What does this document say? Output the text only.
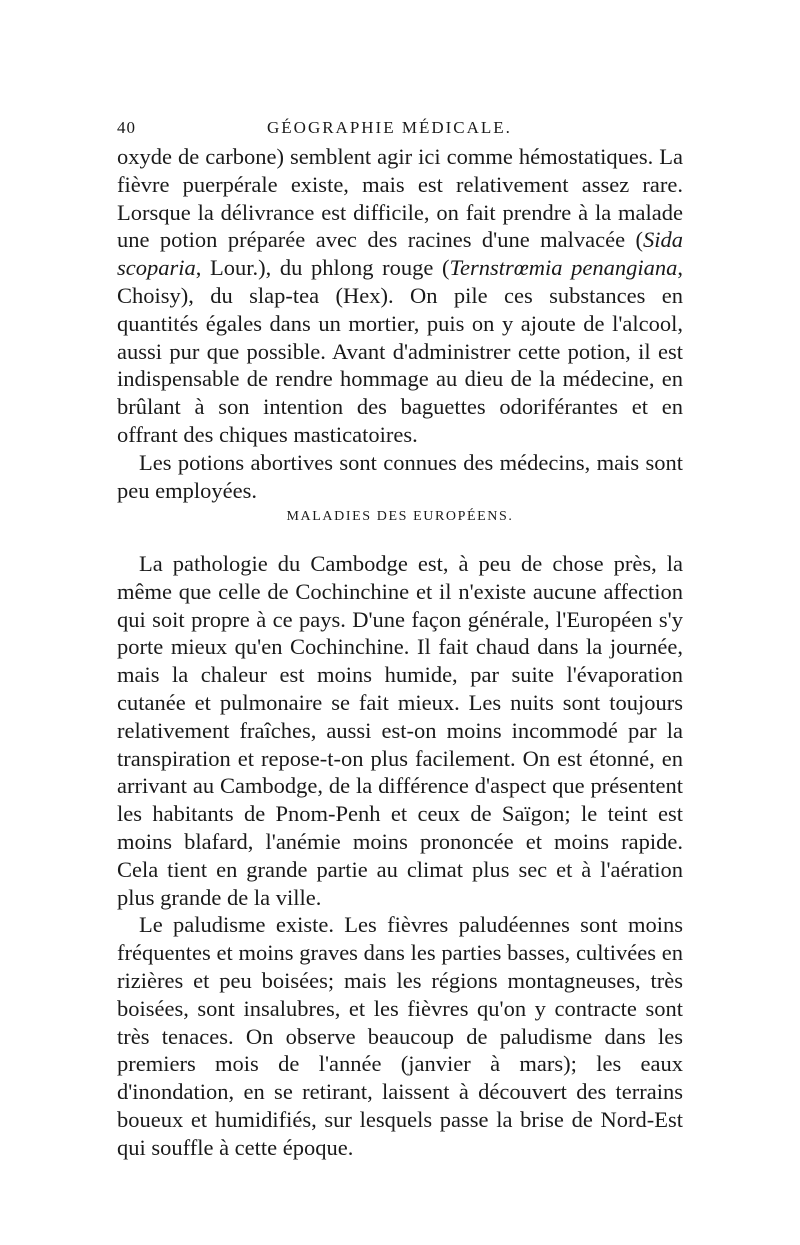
40	GÉOGRAPHIE MÉDICALE.

oxyde de carbone) semblent agir ici comme hémostatiques. La fièvre puerpérale existe, mais est relativement assez rare. Lorsque la délivrance est difficile, on fait prendre à la malade une potion préparée avec des racines d'une malvacée (Sida scoparia, Lour.), du phlong rouge (Ternstrœmia penangiana, Choisy), du slap-tea (Hex). On pile ces substances en quantités égales dans un mortier, puis on y ajoute de l'alcool, aussi pur que possible. Avant d'administrer cette potion, il est indispensable de rendre hommage au dieu de la médecine, en brûlant à son intention des baguettes odoriférantes et en offrant des chiques masticatoires.

Les potions abortives sont connues des médecins, mais sont peu employées.

MALADIES DES EUROPÉENS.

La pathologie du Cambodge est, à peu de chose près, la même que celle de Cochinchine et il n'existe aucune affection qui soit propre à ce pays. D'une façon générale, l'Européen s'y porte mieux qu'en Cochinchine. Il fait chaud dans la journée, mais la chaleur est moins humide, par suite l'évaporation cutanée et pulmonaire se fait mieux. Les nuits sont toujours relativement fraîches, aussi est-on moins incommodé par la transpiration et repose-t-on plus facilement. On est étonné, en arrivant au Cambodge, de la différence d'aspect que présentent les habitants de Pnom-Penh et ceux de Saïgon; le teint est moins blafard, l'anémie moins prononcée et moins rapide. Cela tient en grande partie au climat plus sec et à l'aération plus grande de la ville.

Le paludisme existe. Les fièvres paludéennes sont moins fréquentes et moins graves dans les parties basses, cultivées en rizières et peu boisées; mais les régions montagneuses, très boisées, sont insalubres, et les fièvres qu'on y contracte sont très tenaces. On observe beaucoup de paludisme dans les premiers mois de l'année (janvier à mars); les eaux d'inondation, en se retirant, laissent à découvert des terrains boueux et humidifiés, sur lesquels passe la brise de Nord-Est qui souffle à cette époque.
